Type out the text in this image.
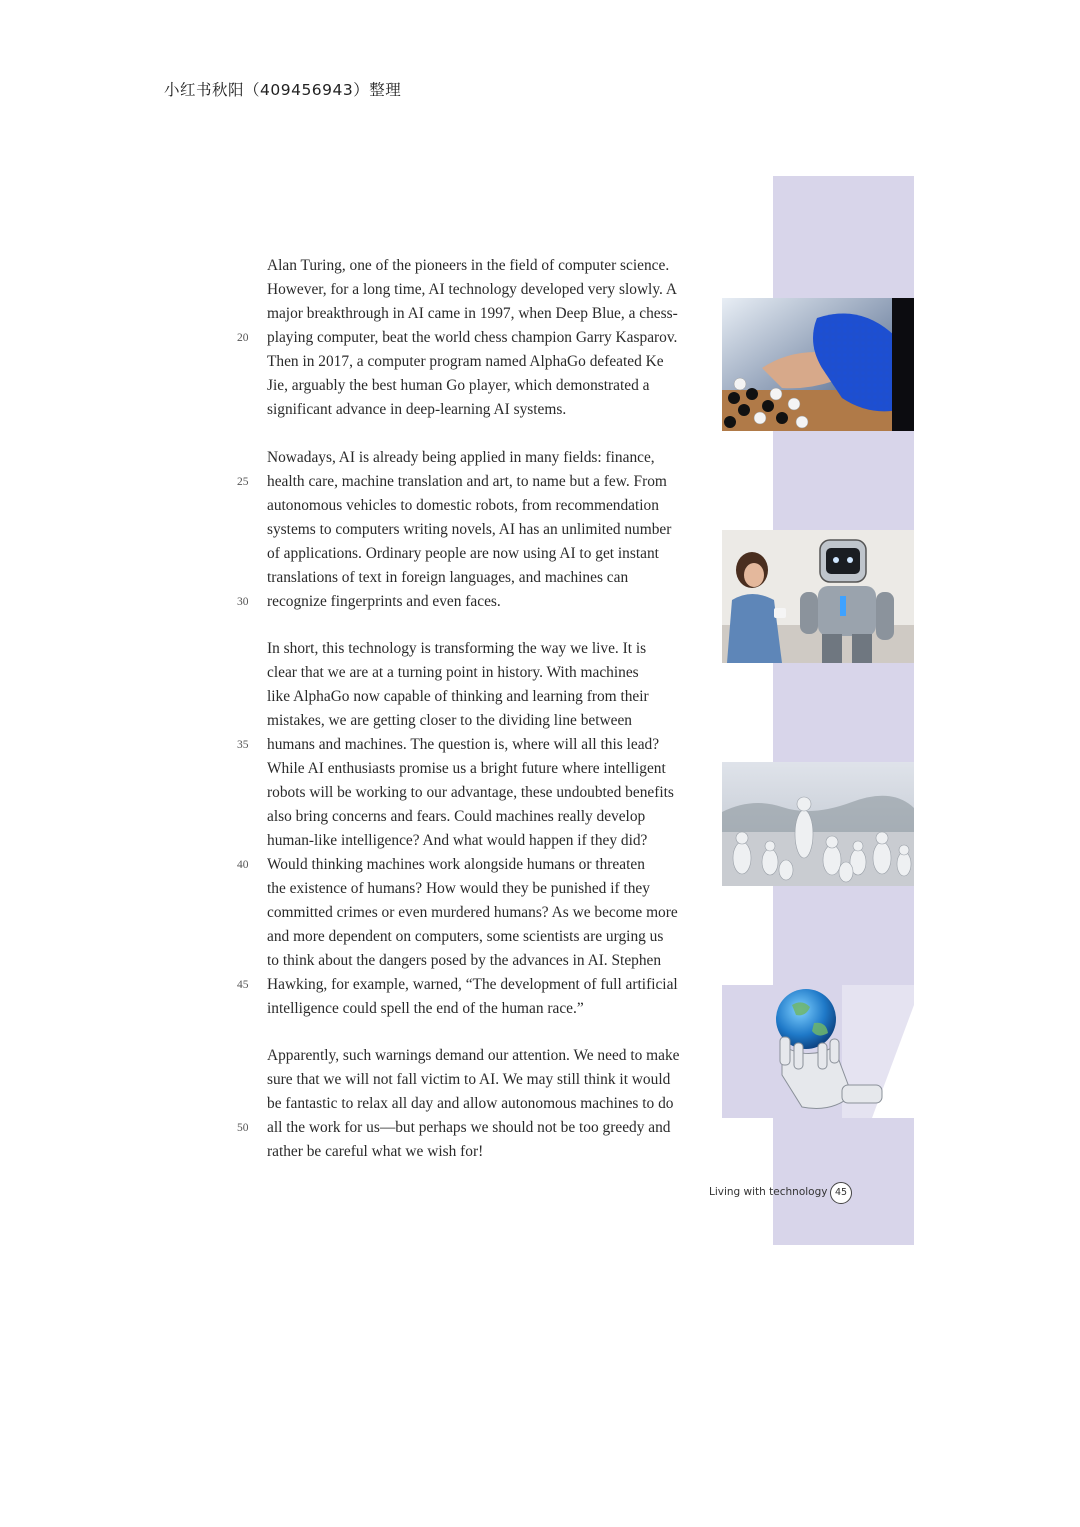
小红书秋阳（409456943）整理
Alan Turing, one of the pioneers in the field of computer science.
However, for a long time, AI technology developed very slowly. A
major breakthrough in AI came in 1997, when Deep Blue, a chess-
playing computer, beat the world chess champion Garry Kasparov.
Then in 2017, a computer program named AlphaGo defeated Ke
Jie, arguably the best human Go player, which demonstrated a
significant advance in deep-learning AI systems.
Nowadays, AI is already being applied in many fields: finance,
health care, machine translation and art, to name but a few. From
autonomous vehicles to domestic robots, from recommendation
systems to computers writing novels, AI has an unlimited number
of applications. Ordinary people are now using AI to get instant
translations of text in foreign languages, and machines can
recognize fingerprints and even faces.
In short, this technology is transforming the way we live. It is
clear that we are at a turning point in history. With machines
like AlphaGo now capable of thinking and learning from their
mistakes, we are getting closer to the dividing line between
humans and machines. The question is, where will all this lead?
While AI enthusiasts promise us a bright future where intelligent
robots will be working to our advantage, these undoubted benefits
also bring concerns and fears. Could machines really develop
human-like intelligence? And what would happen if they did?
Would thinking machines work alongside humans or threaten
the existence of humans? How would they be punished if they
committed crimes or even murdered humans? As we become more
and more dependent on computers, some scientists are urging us
to think about the dangers posed by the advances in AI. Stephen
Hawking, for example, warned, “The development of full artificial
intelligence could spell the end of the human race.”
Apparently, such warnings demand our attention. We need to make
sure that we will not fall victim to AI. We may still think it would
be fantastic to relax all day and allow autonomous machines to do
all the work for us—but perhaps we should not be too greedy and
rather be careful what we wish for!
20
25
30
35
40
45
50
Living with technology 45
